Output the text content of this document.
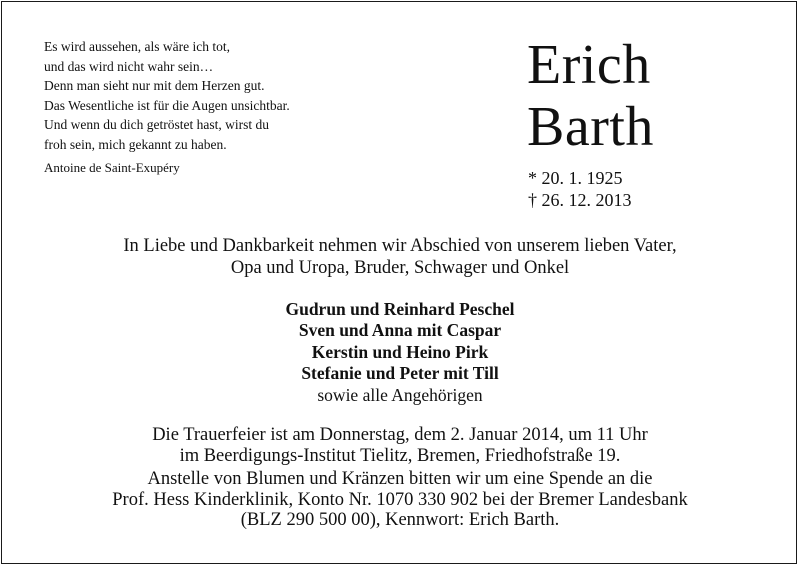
Es wird aussehen, als wäre ich tot,
und das wird nicht wahr sein…
Denn man sieht nur mit dem Herzen gut.
Das Wesentliche ist für die Augen unsichtbar.
Und wenn du dich getröstet hast, wirst du
froh sein, mich gekannt zu haben.
Antoine de Saint-Exupéry
Erich
Barth
* 20. 1. 1925
† 26. 12. 2013
In Liebe und Dankbarkeit nehmen wir Abschied von unserem lieben Vater,
Opa und Uropa, Bruder, Schwager und Onkel
Gudrun und Reinhard Peschel
Sven und Anna mit Caspar
Kerstin und Heino Pirk
Stefanie und Peter mit Till
sowie alle Angehörigen
Die Trauerfeier ist am Donnerstag, dem 2. Januar 2014, um 11 Uhr
im Beerdigungs-Institut Tielitz, Bremen, Friedhofstraße 19.
Anstelle von Blumen und Kränzen bitten wir um eine Spende an die
Prof. Hess Kinderklinik, Konto Nr. 1070 330 902 bei der Bremer Landesbank
(BLZ 290 500 00), Kennwort: Erich Barth.
